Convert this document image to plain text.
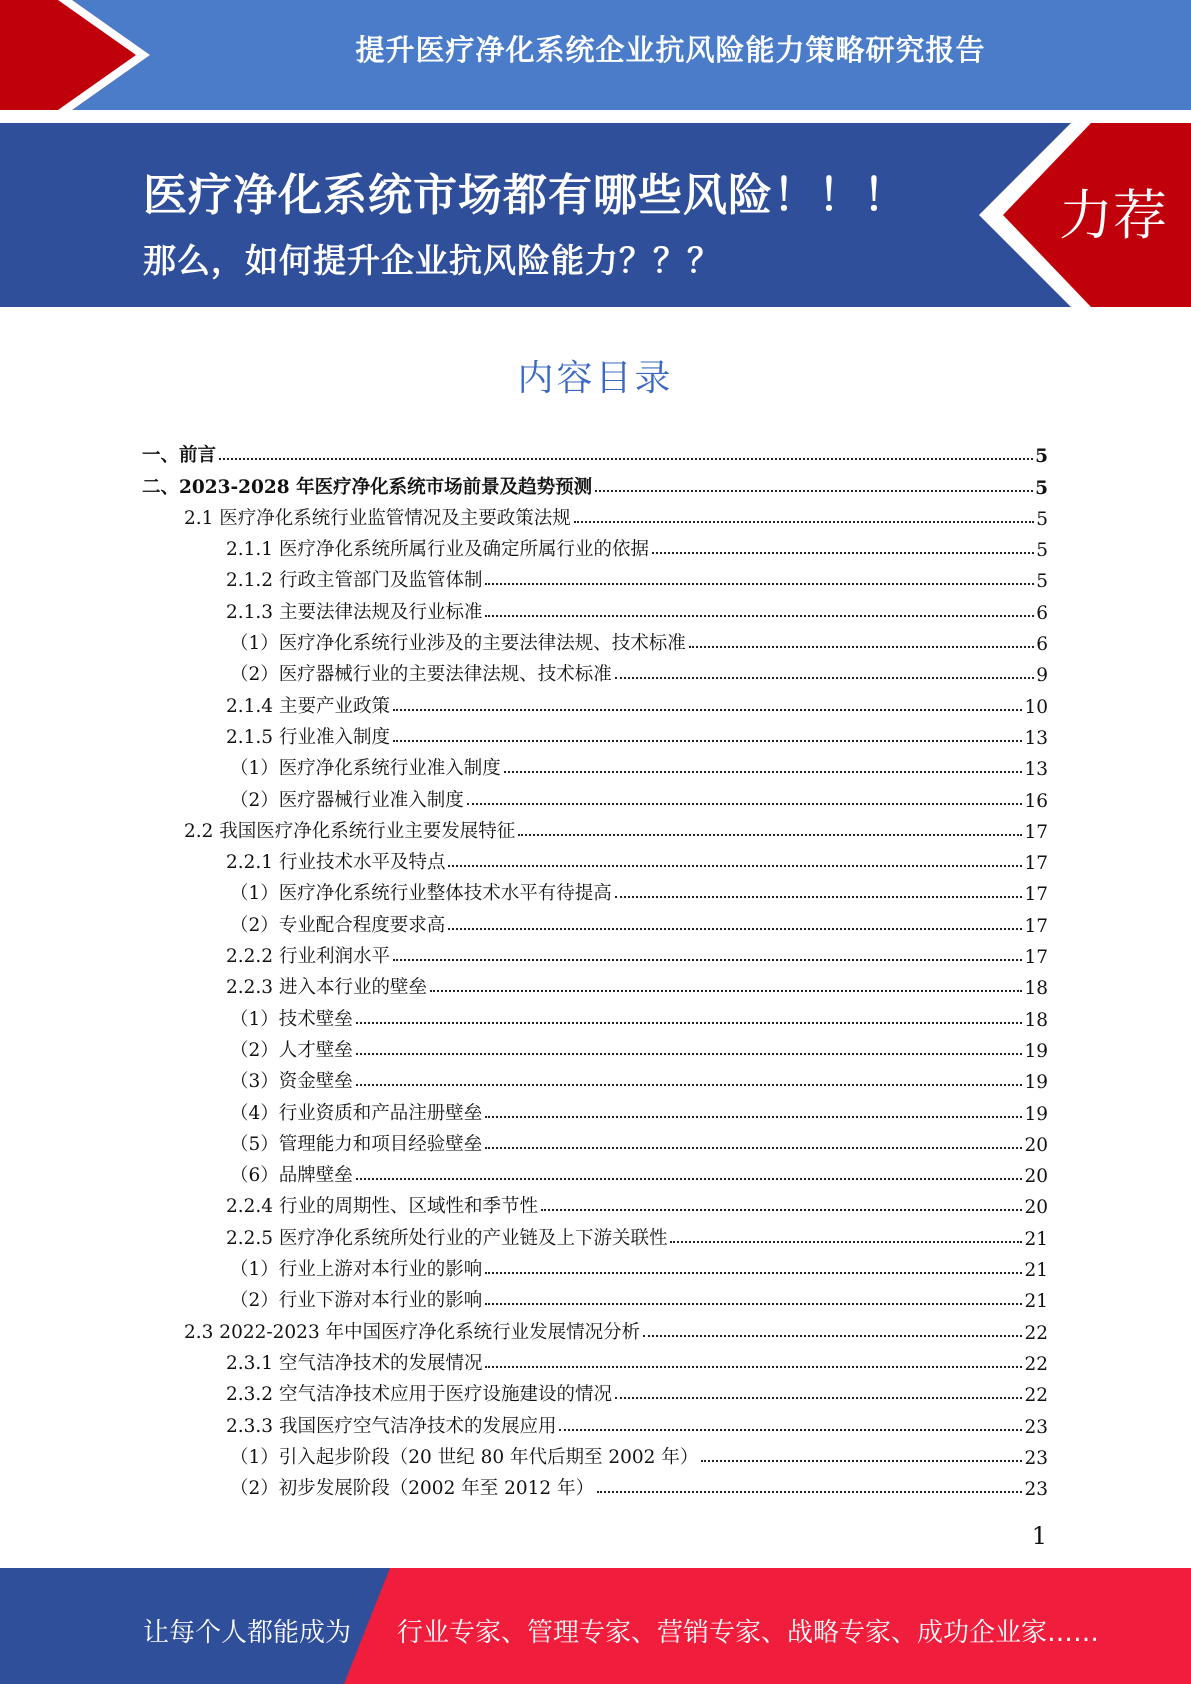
提升医疗净化系统企业抗风险能力策略研究报告
医疗净化系统市场都有哪些风险！！！
那么，如何提升企业抗风险能力？？？
力荐
内容目录
一、前言	5
二、2023-2028 年医疗净化系统市场前景及趋势预测	5
2.1 医疗净化系统行业监管情况及主要政策法规	5
2.1.1 医疗净化系统所属行业及确定所属行业的依据	5
2.1.2 行政主管部门及监管体制	5
2.1.3 主要法律法规及行业标准	6
（1）医疗净化系统行业涉及的主要法律法规、技术标准	6
（2）医疗器械行业的主要法律法规、技术标准	9
2.1.4 主要产业政策	10
2.1.5 行业准入制度	13
（1）医疗净化系统行业准入制度	13
（2）医疗器械行业准入制度	16
2.2 我国医疗净化系统行业主要发展特征	17
2.2.1 行业技术水平及特点	17
（1）医疗净化系统行业整体技术水平有待提高	17
（2）专业配合程度要求高	17
2.2.2 行业利润水平	17
2.2.3 进入本行业的壁垒	18
（1）技术壁垒	18
（2）人才壁垒	19
（3）资金壁垒	19
（4）行业资质和产品注册壁垒	19
（5）管理能力和项目经验壁垒	20
（6）品牌壁垒	20
2.2.4 行业的周期性、区域性和季节性	20
2.2.5 医疗净化系统所处行业的产业链及上下游关联性	21
（1）行业上游对本行业的影响	21
（2）行业下游对本行业的影响	21
2.3 2022-2023 年中国医疗净化系统行业发展情况分析	22
2.3.1 空气洁净技术的发展情况	22
2.3.2 空气洁净技术应用于医疗设施建设的情况	22
2.3.3 我国医疗空气洁净技术的发展应用	23
（1）引入起步阶段（20 世纪 80 年代后期至 2002 年）	23
（2）初步发展阶段（2002 年至 2012 年）	23
1
让每个人都能成为 行业专家、管理专家、营销专家、战略专家、成功企业家……
